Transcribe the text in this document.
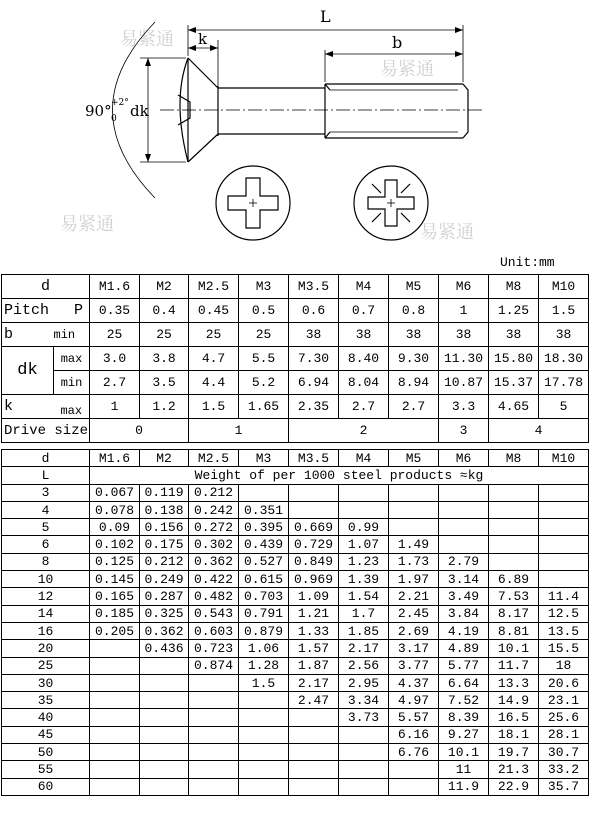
易紧通
易紧通
易紧通	易紧通
L
b
k
dk
90° +2°
0
Unit:mm
d		M1.6	M2	M2.5	M3	M3.5	M4	M5	M6	M8	M10
Pitch P		0.35	0.4	0.45	0.5	0.6	0.7	0.8	1	1.25	1.5
b	min	25	25	25	25	38	38	38	38	38	38
dk	max	3.0	3.8	4.7	5.5	7.30	8.40	9.30	11.30	15.80	18.30
	min	2.7	3.5	4.4	5.2	6.94	8.04	8.94	10.87	15.37	17.78
k	max	1	1.2	1.5	1.65	2.35	2.7	2.7	3.3	4.65	5
Drive size		0		1		2			3	4	
d	M1.6	M2	M2.5	M3	M3.5	M4	M5	M6	M8	M10
L	Weight of per 1000 steel products ≈kg									
3	0.067	0.119	0.212							
4	0.078	0.138	0.242	0.351						
5	0.09	0.156	0.272	0.395	0.669	0.99				
6	0.102	0.175	0.302	0.439	0.729	1.07	1.49			
8	0.125	0.212	0.362	0.527	0.849	1.23	1.73	2.79		
10	0.145	0.249	0.422	0.615	0.969	1.39	1.97	3.14	6.89	
12	0.165	0.287	0.482	0.703	1.09	1.54	2.21	3.49	7.53	11.4
14	0.185	0.325	0.543	0.791	1.21	1.7	2.45	3.84	8.17	12.5
16	0.205	0.362	0.603	0.879	1.33	1.85	2.69	4.19	8.81	13.5
20		0.436	0.723	1.06	1.57	2.17	3.17	4.89	10.1	15.5
25			0.874	1.28	1.87	2.56	3.77	5.77	11.7	18
30				1.5	2.17	2.95	4.37	6.64	13.3	20.6
35					2.47	3.34	4.97	7.52	14.9	23.1
40						3.73	5.57	8.39	16.5	25.6
45							6.16	9.27	18.1	28.1
50							6.76	10.1	19.7	30.7
55								11	21.3	33.2
60								11.9	22.9	35.7
